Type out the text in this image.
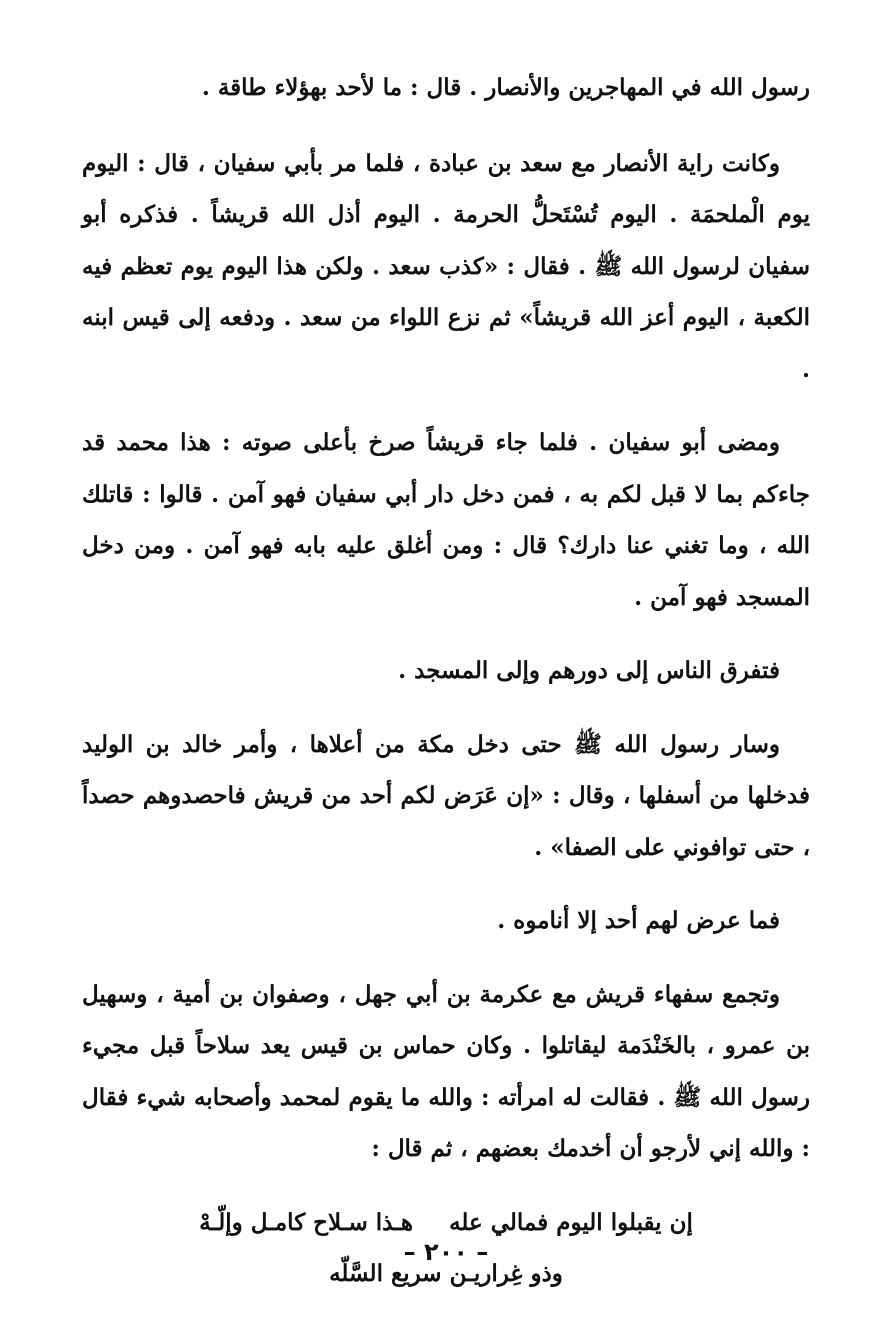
رسول الله في المهاجرين والأنصار . قال : ما لأحد بهؤلاء طاقة .

وكانت راية الأنصار مع سعد بن عبادة ، فلما مر بأبي سفيان ، قال : اليوم يوم الْملحمَة . اليوم تُسْتَحلُّ الحرمة . اليوم أذل الله قريشاً . فذكره أبو سفيان لرسول الله ﷺ . فقال : «كذب سعد . ولكن هذا اليوم يوم تعظم فيه الكعبة ، اليوم أعز الله قريشاً» ثم نزع اللواء من سعد . ودفعه إلى قيس ابنه .

ومضى أبو سفيان . فلما جاء قريشاً صرخ بأعلى صوته : هذا محمد قد جاءكم بما لا قبل لكم به ، فمن دخل دار أبي سفيان فهو آمن . قالوا : قاتلك الله ، وما تغني عنا دارك؟ قال : ومن أغلق عليه بابه فهو آمن . ومن دخل المسجد فهو آمن .

فتفرق الناس إلى دورهم وإلى المسجد .

وسار رسول الله ﷺ حتى دخل مكة من أعلاها ، وأمر خالد بن الوليد فدخلها من أسفلها ، وقال : «إن عَرَض لكم أحد من قريش فاحصدوهم حصداً ، حتى توافوني على الصفا» .

فما عرض لهم أحد إلا أناموه .

وتجمع سفهاء قريش مع عكرمة بن أبي جهل ، وصفوان بن أمية ، وسهيل بن عمرو ، بالخَنْدَمة ليقاتلوا . وكان حماس بن قيس يعد سلاحاً قبل مجيء رسول الله ﷺ . فقالت له امرأته : والله ما يقوم لمحمد وأصحابه شيء فقال : والله إني لأرجو أن أخدمك بعضهم ، ثم قال :

إن يقبلوا اليوم فمالي علههـذا سـلاح كامـل وإلّـهْ

وذو غِراريـن سريع السَّلّه

– ٢٠٠ –
